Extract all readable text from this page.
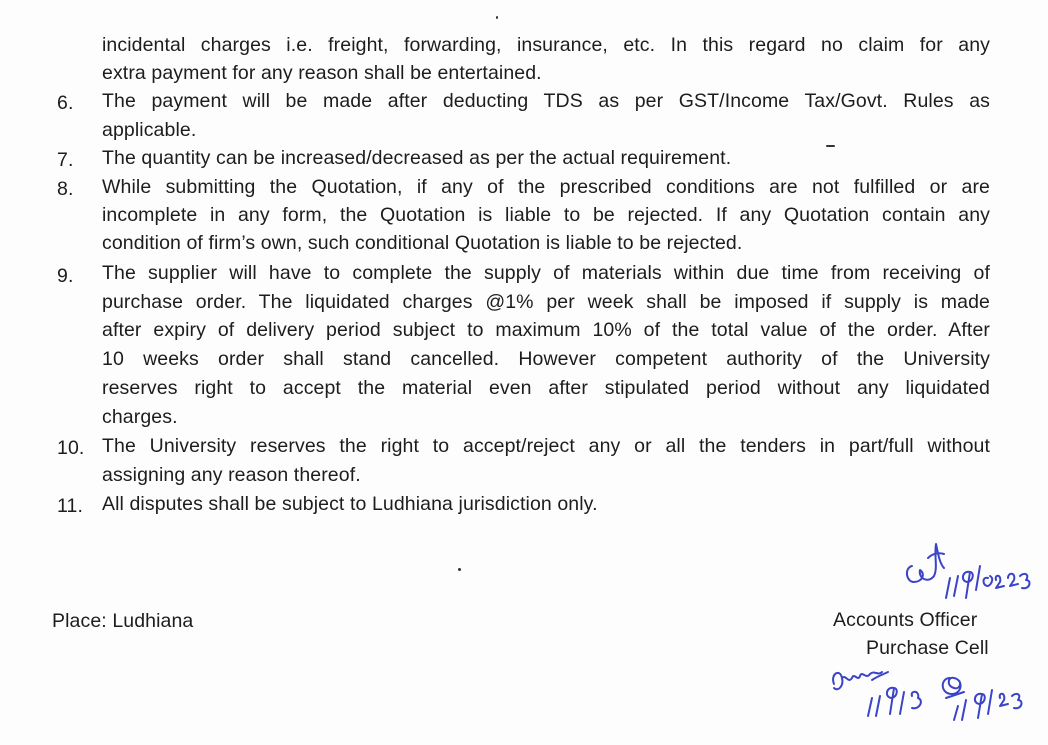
incidental charges i.e. freight, forwarding, insurance, etc. In this regard no claim for any
extra payment for any reason shall be entertained.
6. The payment will be made after deducting TDS as per GST/Income Tax/Govt. Rules as
applicable.
7. The quantity can be increased/decreased as per the actual requirement.
8. While submitting the Quotation, if any of the prescribed conditions are not fulfilled or are
incomplete in any form, the Quotation is liable to be rejected. If any Quotation contain any
condition of firm’s own, such conditional Quotation is liable to be rejected.
9. The supplier will have to complete the supply of materials within due time from receiving of
purchase order. The liquidated charges @1% per week shall be imposed if supply is made
after expiry of delivery period subject to maximum 10% of the total value of the order. After
10 weeks order shall stand cancelled. However competent authority of the University
reserves right to accept the material even after stipulated period without any liquidated
charges.
10. The University reserves the right to accept/reject any or all the tenders in part/full without
assigning any reason thereof.
11. All disputes shall be subject to Ludhiana jurisdiction only.
Place: Ludhiana	Accounts Officer
Purchase Cell
